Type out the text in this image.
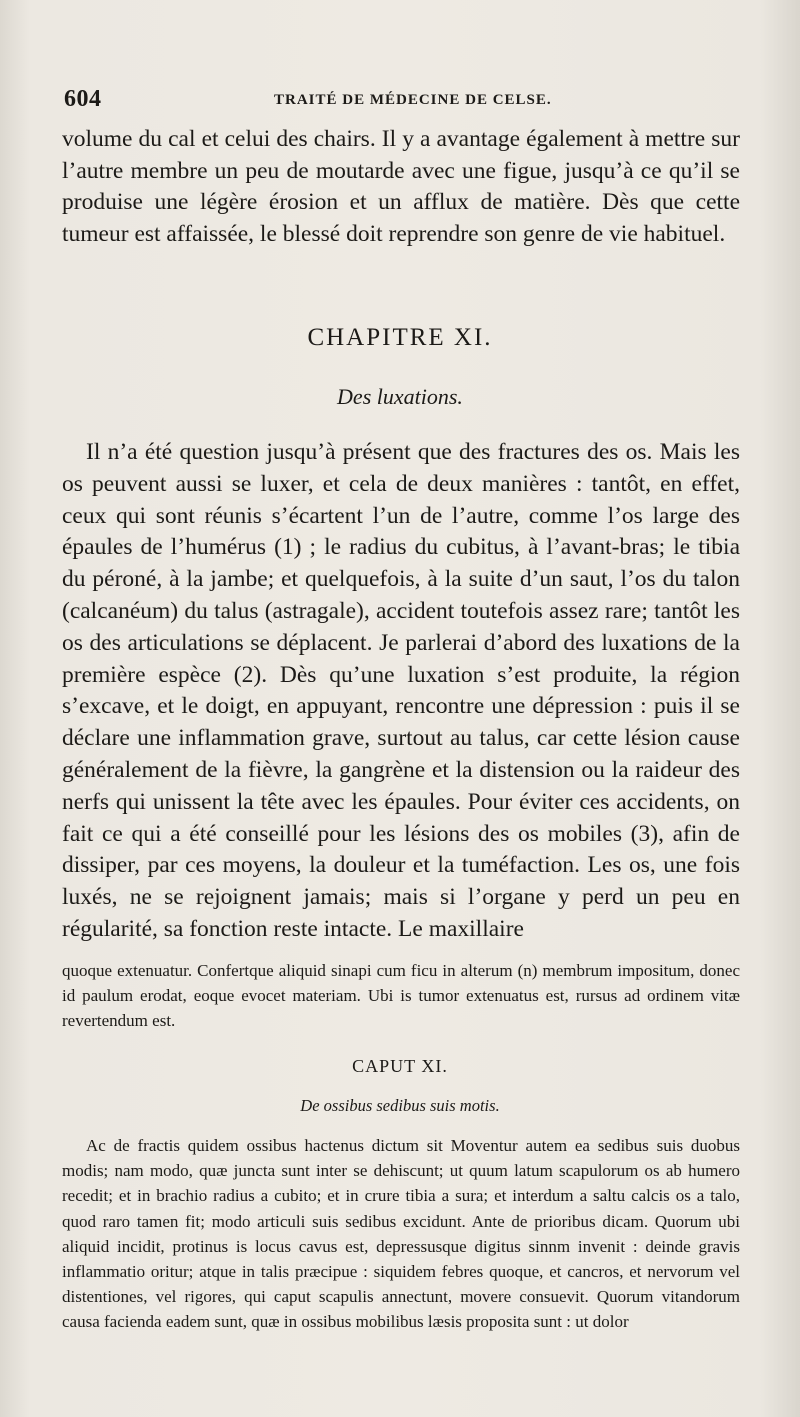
604	TRAITÉ DE MÉDECINE DE CELSE.

volume du cal et celui des chairs. Il y a avantage également à mettre sur l’autre membre un peu de moutarde avec une figue, jusqu’à ce qu’il se produise une légère érosion et un afflux de matière. Dès que cette tumeur est affaissée, le blessé doit reprendre son genre de vie habituel.

CHAPITRE XI.
Des luxations.

Il n’a été question jusqu’à présent que des fractures des os. Mais les os peuvent aussi se luxer, et cela de deux manières : tantôt, en effet, ceux qui sont réunis s’écartent l’un de l’autre, comme l’os large des épaules de l’humérus (1) ; le radius du cubitus, à l’avant-bras; le tibia du péroné, à la jambe; et quelquefois, à la suite d’un saut, l’os du talon (calcanéum) du talus (astragale), accident toutefois assez rare; tantôt les os des articulations se déplacent. Je parlerai d’abord des luxations de la première espèce (2). Dès qu’une luxation s’est produite, la région s’excave, et le doigt, en appuyant, rencontre une dépression : puis il se déclare une inflammation grave, surtout au talus, car cette lésion cause généralement de la fièvre, la gangrène et la distension ou la raideur des nerfs qui unissent la tête avec les épaules. Pour éviter ces accidents, on fait ce qui a été conseillé pour les lésions des os mobiles (3), afin de dissiper, par ces moyens, la douleur et la tuméfaction. Les os, une fois luxés, ne se rejoignent jamais; mais si l’organe y perd un peu en régularité, sa fonction reste intacte. Le maxillaire

quoque extenuatur. Confertque aliquid sinapi cum ficu in alterum (n) membrum impositum, donec id paulum erodat, eoque evocet materiam. Ubi is tumor extenuatus est, rursus ad ordinem vitæ revertendum est.

CAPUT XI.
De ossibus sedibus suis motis.

Ac de fractis quidem ossibus hactenus dictum sit Moventur autem ea sedibus suis duobus modis; nam modo, quæ juncta sunt inter se dehiscunt; ut quum latum scapulorum os ab humero recedit; et in brachio radius a cubito; et in crure tibia a sura; et interdum a saltu calcis os a talo, quod raro tamen fit; modo articuli suis sedibus excidunt. Ante de prioribus dicam. Quorum ubi aliquid incidit, protinus is locus cavus est, depressusque digitus sinnm invenit : deinde gravis inflammatio oritur; atque in talis præcipue : siquidem febres quoque, et cancros, et nervorum vel distentiones, vel rigores, qui caput scapulis annectunt, movere consuevit. Quorum vitandorum causa facienda eadem sunt, quæ in ossibus mobilibus læsis proposita sunt : ut dolor
